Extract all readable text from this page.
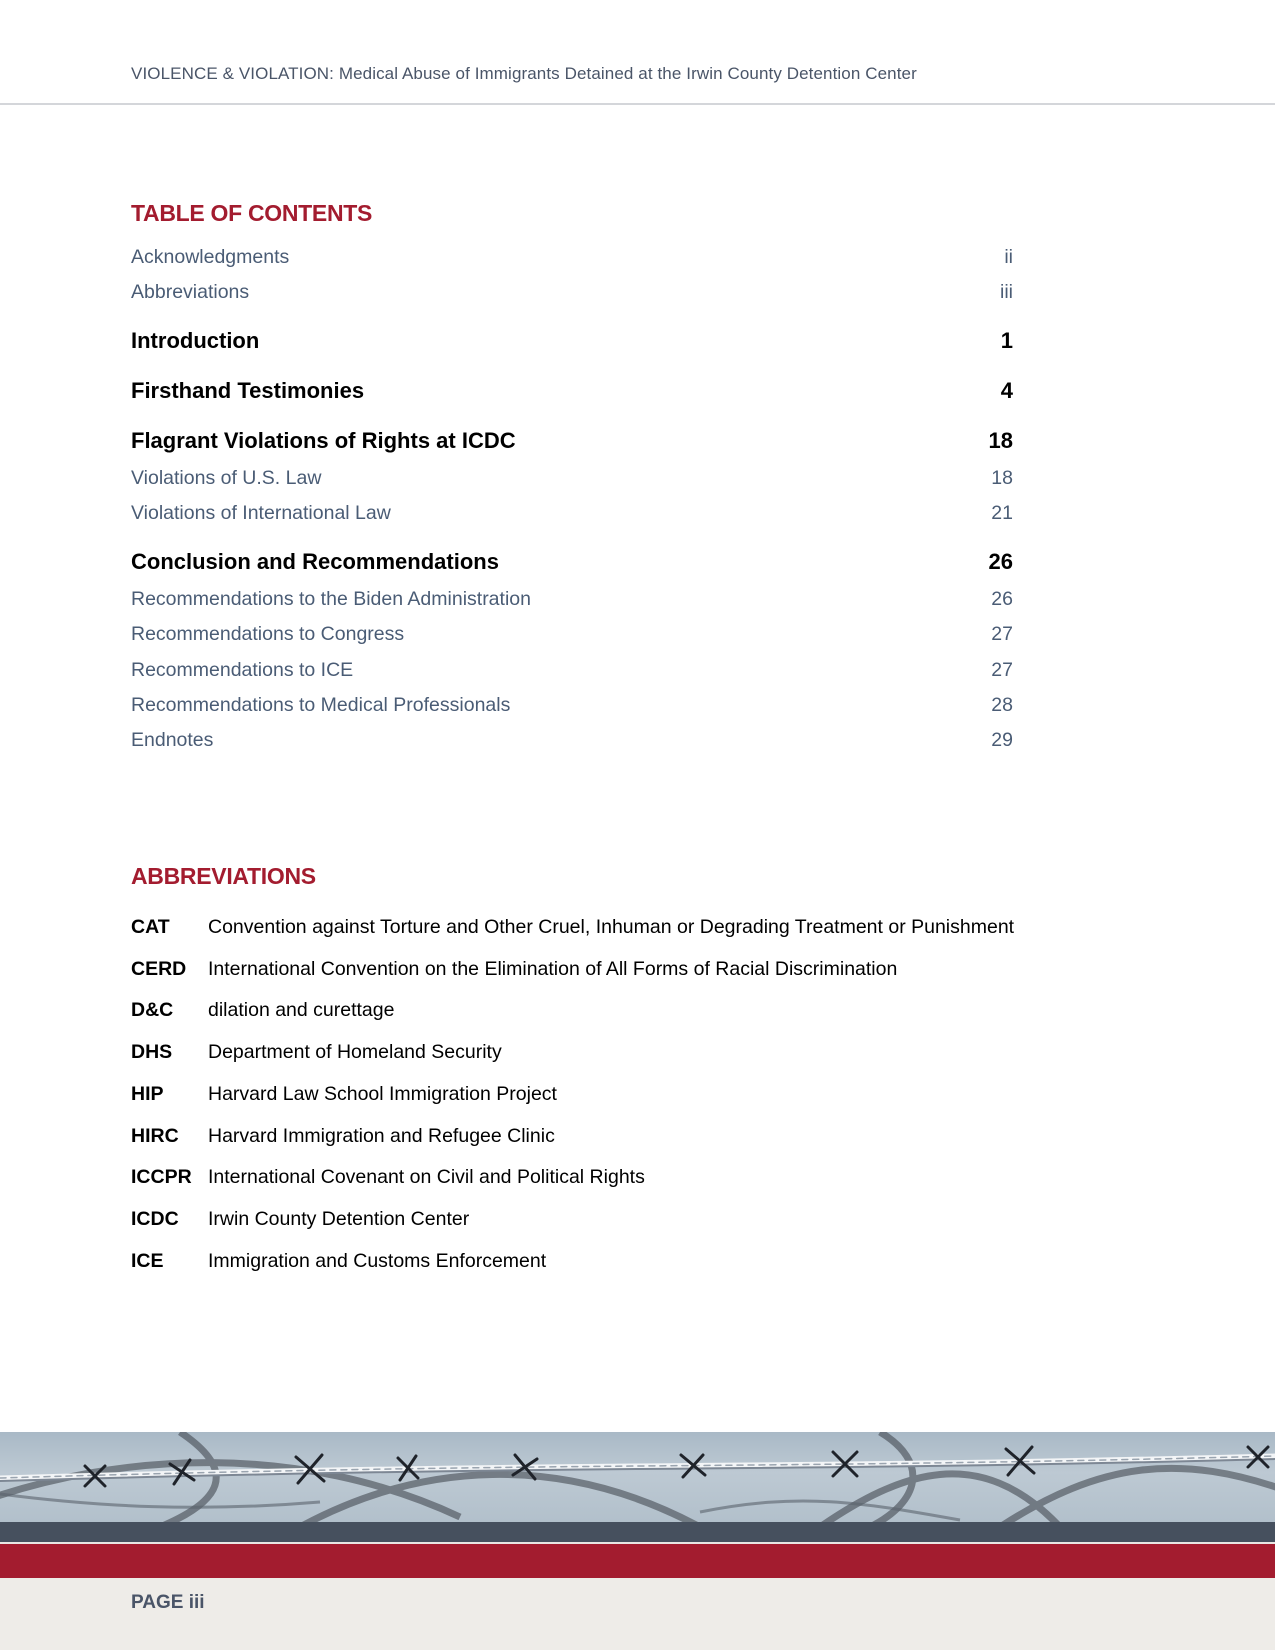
VIOLENCE & VIOLATION: Medical Abuse of Immigrants Detained at the Irwin County Detention Center
TABLE OF CONTENTS
Acknowledgments	ii
Abbreviations	iii
Introduction	1
Firsthand Testimonies	4
Flagrant Violations of Rights at ICDC	18
Violations of U.S. Law	18
Violations of International Law	21
Conclusion and Recommendations	26
Recommendations to the Biden Administration	26
Recommendations to Congress	27
Recommendations to ICE	27
Recommendations to Medical Professionals	28
Endnotes	29
ABBREVIATIONS
CAT Convention against Torture and Other Cruel, Inhuman or Degrading Treatment or Punishment
CERD International Convention on the Elimination of All Forms of Racial Discrimination
D&C dilation and curettage
DHS Department of Homeland Security
HIP Harvard Law School Immigration Project
HIRC Harvard Immigration and Refugee Clinic
ICCPR International Covenant on Civil and Political Rights
ICDC Irwin County Detention Center
ICE Immigration and Customs Enforcement
PAGE iii
